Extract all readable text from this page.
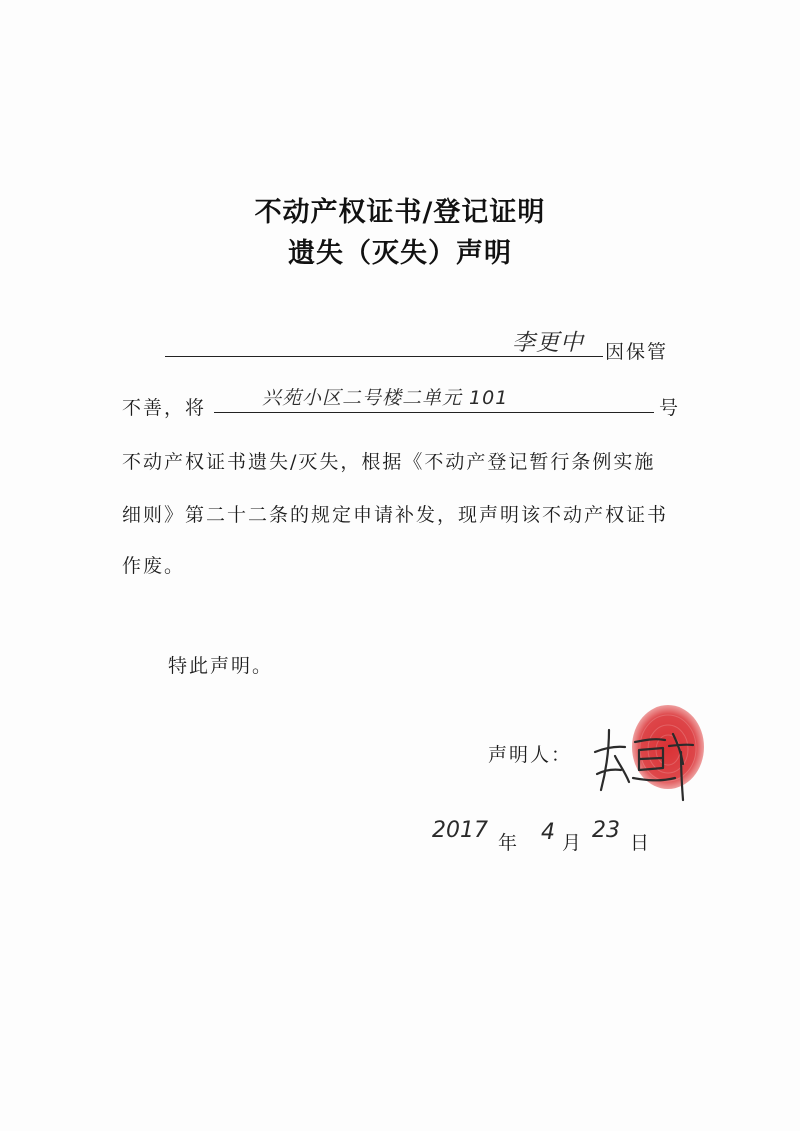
不动产权证书/登记证明
遗失（灭失）声明
李更中 因保管
不善，将	兴苑小区二号楼二单元 101	号
不动产权证书遗失/灭失，根据《不动产登记暂行条例实施
细则》第二十二条的规定申请补发，现声明该不动产权证书
作废。
特此声明。
声明人：
2017 年 4 月 23 日
